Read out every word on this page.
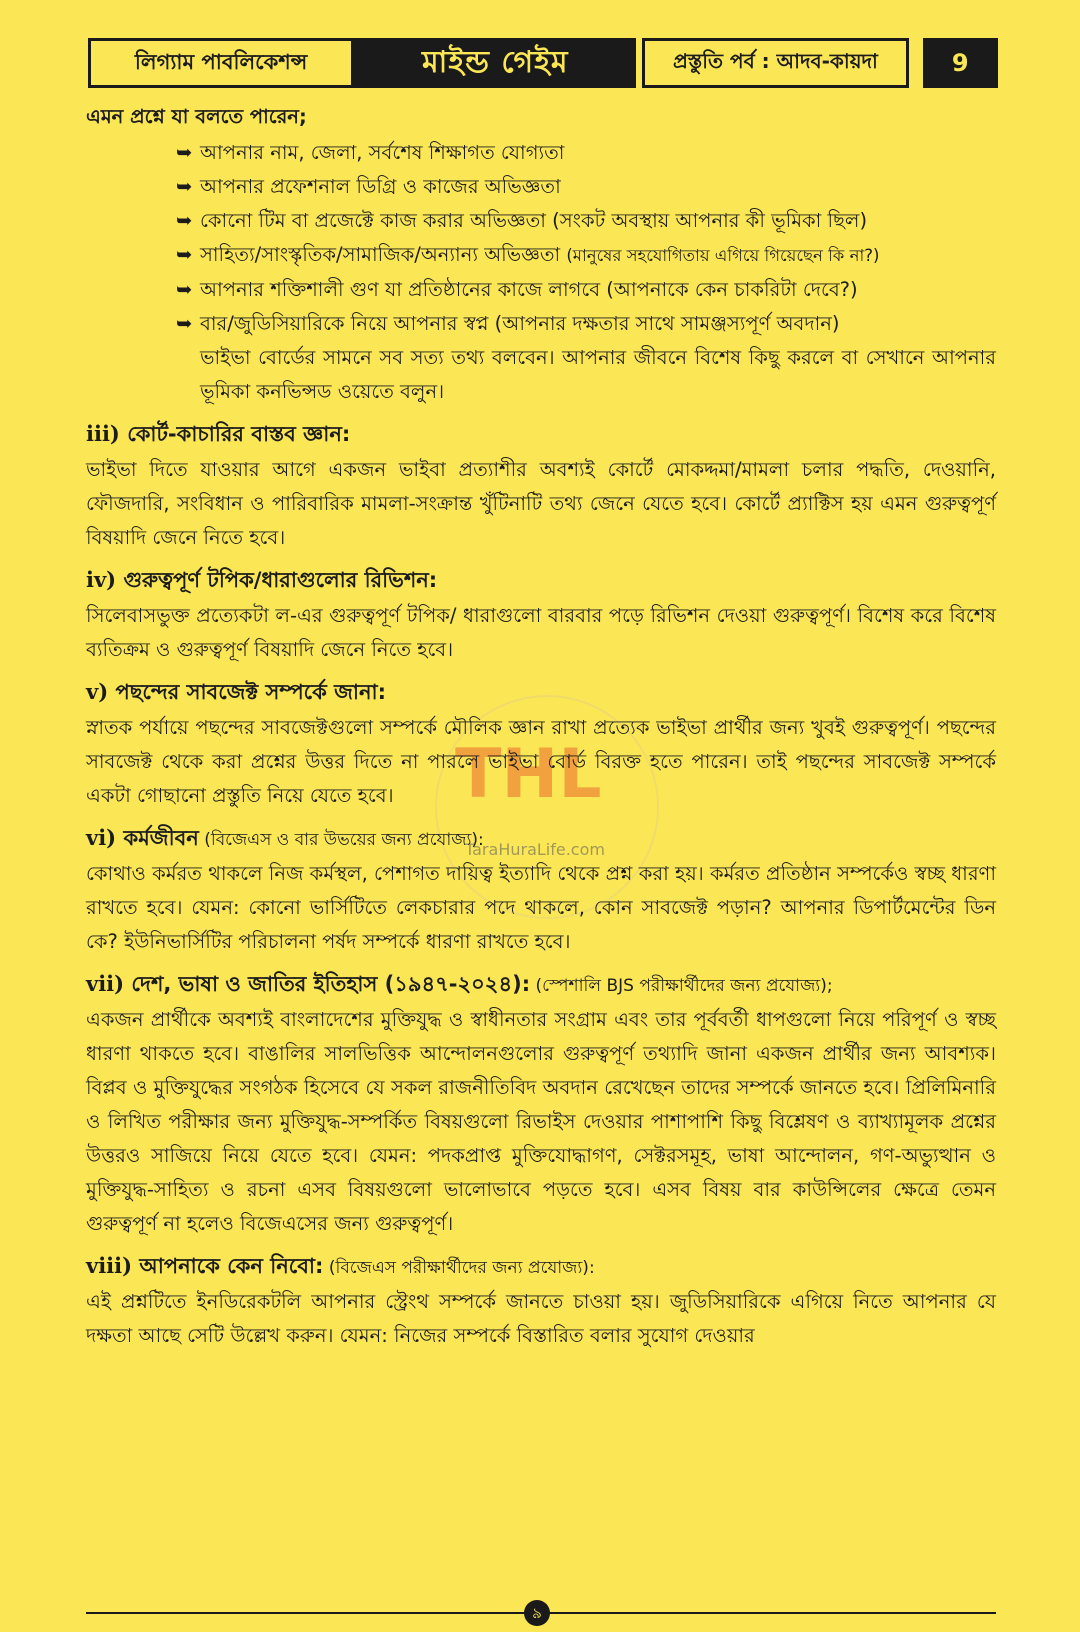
লিগ্যাম পাবলিকেশন্স	মাইন্ড গেইম	প্রস্তুতি পর্ব : আদব-কায়দা	9
THL
TaraHuraLife.com
এমন প্রশ্নে যা বলতে পারেন;
➥ আপনার নাম, জেলা, সর্বশেষ শিক্ষাগত যোগ্যতা
➥ আপনার প্রফেশনাল ডিগ্রি ও কাজের অভিজ্ঞতা
➥ কোনো টিম বা প্রজেক্টে কাজ করার অভিজ্ঞতা (সংকট অবস্থায় আপনার কী ভূমিকা ছিল)
➥ সাহিত্য/সাংস্কৃতিক/সামাজিক/অন্যান্য অভিজ্ঞতা (মানুষের সহযোগিতায় এগিয়ে গিয়েছেন কি না?)
➥ আপনার শক্তিশালী গুণ যা প্রতিষ্ঠানের কাজে লাগবে (আপনাকে কেন চাকরিটা দেবে?)
➥ বার/জুডিসিয়ারিকে নিয়ে আপনার স্বপ্ন (আপনার দক্ষতার সাথে সামঞ্জস্যপূর্ণ অবদান)

ভাইভা বোর্ডের সামনে সব সত্য তথ্য বলবেন। আপনার জীবনে বিশেষ কিছু করলে বা সেখানে আপনার ভূমিকা কনভিন্সড ওয়েতে বলুন।

iii) কোর্ট-কাচারির বাস্তব জ্ঞান:

ভাইভা দিতে যাওয়ার আগে একজন ভাইবা প্রত্যাশীর অবশ্যই কোর্টে মোকদ্দমা/মামলা চলার পদ্ধতি, দেওয়ানি, ফৌজদারি, সংবিধান ও পারিবারিক মামলা-সংক্রান্ত খুঁটিনাটি তথ্য জেনে যেতে হবে। কোর্টে প্র্যাক্টিস হয় এমন গুরুত্বপূর্ণ বিষয়াদি জেনে নিতে হবে।

iv) গুরুত্বপূর্ণ টপিক/ধারাগুলোর রিভিশন:

সিলেবাসভুক্ত প্রত্যেকটা ল-এর গুরুত্বপূর্ণ টপিক/ ধারাগুলো বারবার পড়ে রিভিশন দেওয়া গুরুত্বপূর্ণ। বিশেষ করে বিশেষ ব্যতিক্রম ও গুরুত্বপূর্ণ বিষয়াদি জেনে নিতে হবে।

v) পছন্দের সাবজেক্ট সম্পর্কে জানা:

স্নাতক পর্যায়ে পছন্দের সাবজেক্টগুলো সম্পর্কে মৌলিক জ্ঞান রাখা প্রত্যেক ভাইভা প্রার্থীর জন্য খুবই গুরুত্বপূর্ণ। পছন্দের সাবজেক্ট থেকে করা প্রশ্নের উত্তর দিতে না পারলে ভাইভা বোর্ড বিরক্ত হতে পারেন। তাই পছন্দের সাবজেক্ট সম্পর্কে একটা গোছানো প্রস্তুতি নিয়ে যেতে হবে।

vi) কর্মজীবন (বিজেএস ও বার উভয়ের জন্য প্রযোজ্য):

কোথাও কর্মরত থাকলে নিজ কর্মস্থল, পেশাগত দায়িত্ব ইত্যাদি থেকে প্রশ্ন করা হয়। কর্মরত প্রতিষ্ঠান সম্পর্কেও স্বচ্ছ ধারণা রাখতে হবে। যেমন: কোনো ভার্সিটিতে লেকচারার পদে থাকলে, কোন সাবজেক্ট পড়ান? আপনার ডিপার্টমেন্টের ডিন কে? ইউনিভার্সিটির পরিচালনা পর্ষদ সম্পর্কে ধারণা রাখতে হবে।

vii) দেশ, ভাষা ও জাতির ইতিহাস (১৯৪৭-২০২৪): (স্পেশালি BJS পরীক্ষার্থীদের জন্য প্রযোজ্য);

একজন প্রার্থীকে অবশ্যই বাংলাদেশের মুক্তিযুদ্ধ ও স্বাধীনতার সংগ্রাম এবং তার পূর্ববর্তী ধাপগুলো নিয়ে পরিপূর্ণ ও স্বচ্ছ ধারণা থাকতে হবে। বাঙালির সালভিত্তিক আন্দোলনগুলোর গুরুত্বপূর্ণ তথ্যাদি জানা একজন প্রার্থীর জন্য আবশ্যক। বিপ্লব ও মুক্তিযুদ্ধের সংগঠক হিসেবে যে সকল রাজনীতিবিদ অবদান রেখেছেন তাদের সম্পর্কে জানতে হবে। প্রিলিমিনারি ও লিখিত পরীক্ষার জন্য মুক্তিযুদ্ধ-সম্পর্কিত বিষয়গুলো রিভাইস দেওয়ার পাশাপাশি কিছু বিশ্লেষণ ও ব্যাখ্যামূলক প্রশ্নের উত্তরও সাজিয়ে নিয়ে যেতে হবে। যেমন: পদকপ্রাপ্ত মুক্তিযোদ্ধাগণ, সেক্টরসমূহ, ভাষা আন্দোলন, গণ-অভ্যুত্থান ও মুক্তিযুদ্ধ-সাহিত্য ও রচনা এসব বিষয়গুলো ভালোভাবে পড়তে হবে। এসব বিষয় বার কাউন্সিলের ক্ষেত্রে তেমন গুরুত্বপূর্ণ না হলেও বিজেএসের জন্য গুরুত্বপূর্ণ।

viii) আপনাকে কেন নিবো: (বিজেএস পরীক্ষার্থীদের জন্য প্রযোজ্য):

এই প্রশ্নটিতে ইনডিরেকটলি আপনার স্ট্রেংথ সম্পর্কে জানতে চাওয়া হয়। জুডিসিয়ারিকে এগিয়ে নিতে আপনার যে দক্ষতা আছে সেটি উল্লেখ করুন। যেমন: নিজের সম্পর্কে বিস্তারিত বলার সুযোগ দেওয়ার

৯
